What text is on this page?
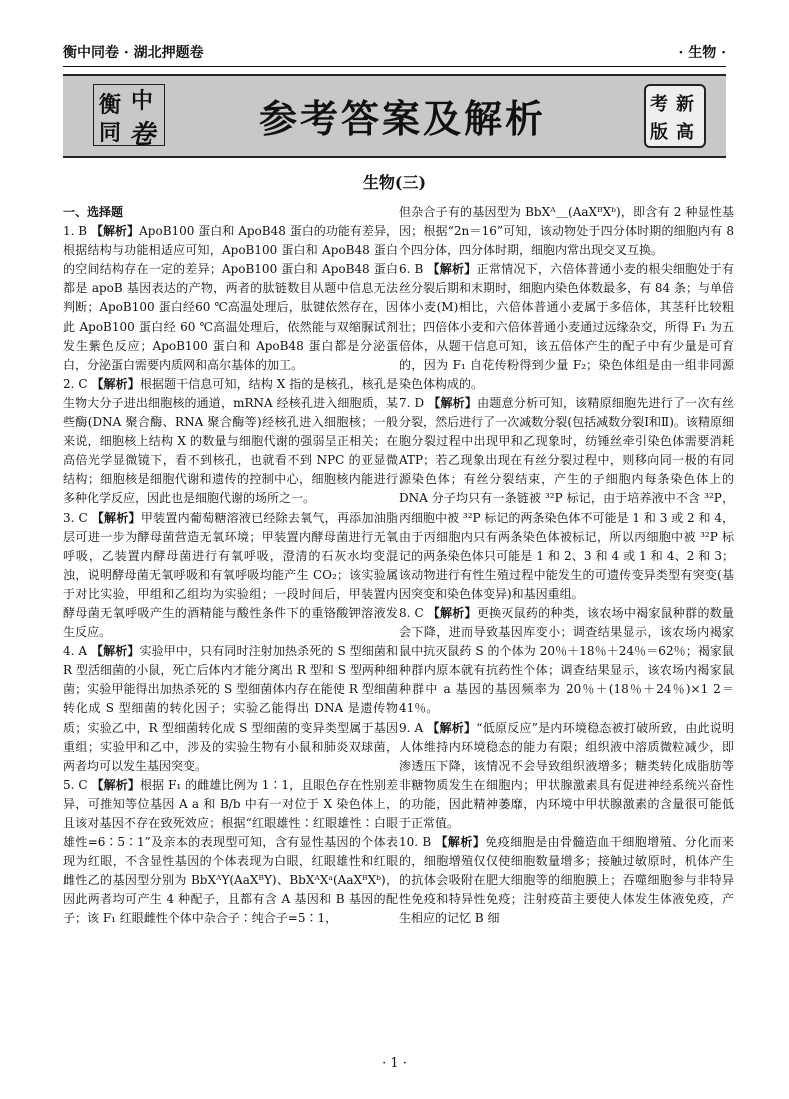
衡中同卷 · 湖北押题卷	· 生物 ·
衡 中
同 卷	参考答案及解析	考 新
版 高
生物(三)
一、选择题

1. B 【解析】ApoB100 蛋白和 ApoB48 蛋白的功能有差异，根据结构与功能相适应可知，ApoB100 蛋白和 ApoB48 蛋白的空间结构存在一定的差异；ApoB100 蛋白和 ApoB48 蛋白都是 apoB 基因表达的产物，两者的肽链数目从题中信息无法判断；ApoB100 蛋白经60 ℃高温处理后，肽键依然存在，因此 ApoB100 蛋白经 60 ℃高温处理后，依然能与双缩脲试剂发生紫色反应；ApoB100 蛋白和 ApoB48 蛋白都是分泌蛋白，分泌蛋白需要内质网和高尔基体的加工。

2. C 【解析】根据题干信息可知，结构 X 指的是核孔，核孔是生物大分子进出细胞核的通道，mRNA 经核孔进入细胞质，某些酶(DNA 聚合酶、RNA 聚合酶等)经核孔进入细胞核；一般来说，细胞核上结构 X 的数量与细胞代谢的强弱呈正相关；在高倍光学显微镜下，看不到核孔，也就看不到 NPC 的亚显微结构；细胞核是细胞代谢和遗传的控制中心，细胞核内能进行多种化学反应，因此也是细胞代谢的场所之一。

3. C 【解析】甲装置内葡萄糖溶液已经除去氧气，再添加油脂层可进一步为酵母菌营造无氧环境；甲装置内酵母菌进行无氧呼吸，乙装置内酵母菌进行有氧呼吸，澄清的石灰水均变混浊，说明酵母菌无氧呼吸和有氧呼吸均能产生 CO₂；该实验属于对比实验，甲组和乙组均为实验组；一段时间后，甲装置内酵母菌无氧呼吸产生的酒精能与酸性条件下的重铬酸钾溶液发生反应。

4. A 【解析】实验甲中，只有同时注射加热杀死的 S 型细菌和 R 型活细菌的小鼠，死亡后体内才能分离出 R 型和 S 型两种细菌；实验甲能得出加热杀死的 S 型细菌体内存在能使 R 型细菌转化成 S 型细菌的转化因子；实验乙能得出 DNA 是遗传物质；实验乙中，R 型细菌转化成 S 型细菌的变异类型属于基因重组；实验甲和乙中，涉及的实验生物有小鼠和肺炎双球菌，两者均可以发生基因突变。

5. C 【解析】根据 F₁ 的雌雄比例为 1∶1，且眼色存在性别差异，可推知等位基因 A a 和 B/b 中有一对位于 X 染色体上，且该对基因不存在致死效应；根据“红眼雄性∶红眼雄性∶白眼雄性=6∶5∶1”及亲本的表现型可知，含有显性基因的个体表现为红眼，不含显性基因的个体表现为白眼，红眼雄性和红眼雌性乙的基因型分别为 BbXᴬY(AaXᴮY)、BbXᴬXᵃ(AaXᴮXᵇ)，因此两者均可产生 4 种配子，且都有含 A 基因和 B 基因的配子；该 F₁ 红眼雌性个体中杂合子∶纯合子=5∶1，

但杂合子有的基因型为 BbXᴬ＿(AaXᴮXᵇ)，即含有 2 种显性基因；根据“2n＝16”可知，该动物处于四分体时期的细胞内有 8 个四分体，四分体时期，细胞内常出现交叉互换。

6. B 【解析】正常情况下，六倍体普通小麦的根尖细胞处于有丝分裂后期和末期时，细胞内染色体数最多，有 84 条；与单倍体小麦(M)相比，六倍体普通小麦属于多倍体，其茎秆比较粗壮；四倍体小麦和六倍体普通小麦通过远缘杂交，所得 F₁ 为五倍体，从题干信息可知，该五倍体产生的配子中有少量是可育的，因为 F₁ 自花传粉得到少量 F₂；染色体组是由一组非同源染色体构成的。

7. D 【解析】由题意分析可知，该精原细胞先进行了一次有丝分裂，然后进行了一次减数分裂(包括减数分裂Ⅰ和Ⅱ)。该精原细胞分裂过程中出现甲和乙现象时，纺锤丝牵引染色体需要消耗 ATP；若乙现象出现在有丝分裂过程中，则移向同一极的有同源染色体；有丝分裂结束，产生的子细胞内每条染色体上的 DNA 分子均只有一条链被 ³²P 标记，由于培养液中不含 ³²P，丙细胞中被 ³²P 标记的两条染色体不可能是 1 和 3 或 2 和 4，由于丙细胞内只有两条染色体被标记，所以丙细胞中被 ³²P 标记的两条染色体只可能是 1 和 2、3 和 4 或 1 和 4、2 和 3；该动物进行有性生殖过程中能发生的可遗传变异类型有突变(基因突变和染色体变异)和基因重组。

8. C 【解析】更换灭鼠药的种类，该农场中褐家鼠种群的数量会下降，进而导致基因库变小；调查结果显示，该农场内褐家鼠中抗灭鼠药 S 的个体为 20％＋18％＋24％＝62％；褐家鼠种群内原本就有抗药性个体；调查结果显示，该农场内褐家鼠种群中 a 基因的基因频率为 20％＋(18％＋24％)×1 2＝41％。

9. A 【解析】“低原反应”是内环境稳态被打破所致，由此说明人体维持内环境稳态的能力有限；组织液中溶质微粒减少，即渗透压下降，该情况不会导致组织液增多；糖类转化成脂肪等非糖物质发生在细胞内；甲状腺激素具有促进神经系统兴奋性的功能，因此精神萎靡，内环境中甲状腺激素的含量很可能低于正常值。

10. B 【解析】免疫细胞是由骨髓造血干细胞增殖、分化而来的，细胞增殖仅仅使细胞数量增多；接触过敏原时，机体产生的抗体会吸附在肥大细胞等的细胞膜上；吞噬细胞参与非特异性免疫和特异性免疫；注射疫苗主要使人体发生体液免疫，产生相应的记忆 B 细

· 1 ·
